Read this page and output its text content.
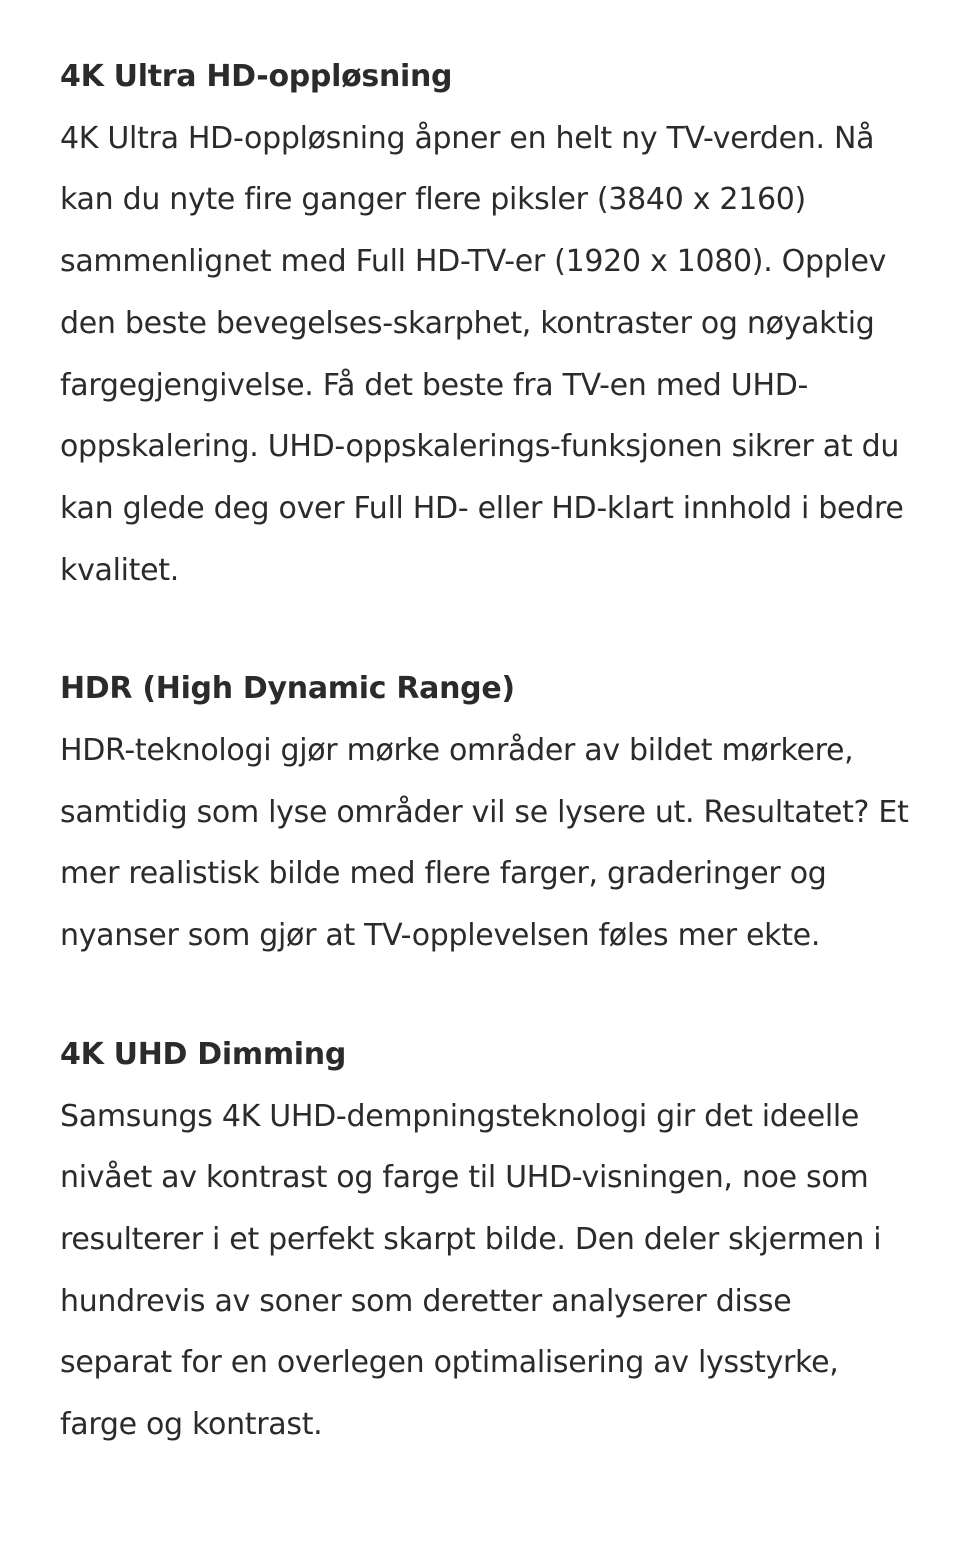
4K Ultra HD-oppløsning

4K Ultra HD-oppløsning åpner en helt ny TV-verden. Nå kan du nyte fire ganger flere piksler (3840 x 2160) sammenlignet med Full HD-TV-er (1920 x 1080). Opplev den beste bevegelses-skarphet, kontraster og nøyaktig fargegjengivelse. Få det beste fra TV-en med UHD-oppskalering. UHD-oppskalerings-funksjonen sikrer at du kan glede deg over Full HD- eller HD-klart innhold i bedre kvalitet.

HDR (High Dynamic Range)

HDR-teknologi gjør mørke områder av bildet mørkere, samtidig som lyse områder vil se lysere ut. Resultatet? Et mer realistisk bilde med flere farger, graderinger og nyanser som gjør at TV-opplevelsen føles mer ekte.

4K UHD Dimming

Samsungs 4K UHD-dempningsteknologi gir det ideelle nivået av kontrast og farge til UHD-visningen, noe som resulterer i et perfekt skarpt bilde. Den deler skjermen i hundrevis av soner som deretter analyserer disse separat for en overlegen optimalisering av lysstyrke, farge og kontrast.
